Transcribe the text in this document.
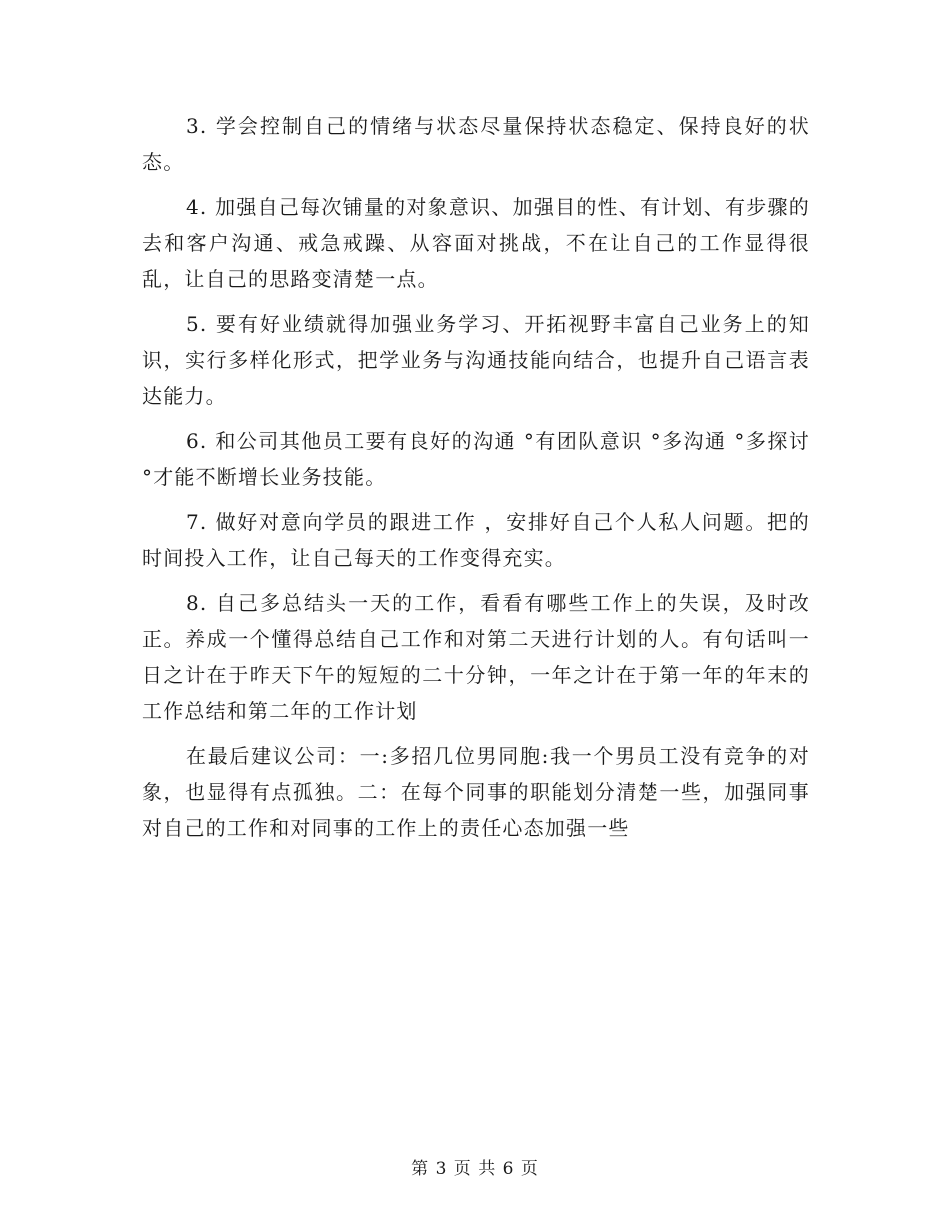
3. 学会控制自己的情绪与状态尽量保持状态稳定、保持良好的状态。

4. 加强自己每次铺量的对象意识、加强目的性、有计划、有步骤的去和客户沟通、戒急戒躁、从容面对挑战，不在让自己的工作显得很乱，让自己的思路变清楚一点。

5. 要有好业绩就得加强业务学习、开拓视野丰富自己业务上的知识，实行多样化形式，把学业务与沟通技能向结合，也提升自己语言表达能力。

6. 和公司其他员工要有良好的沟通 °有团队意识 °多沟通 °多探讨 °才能不断增长业务技能。

7. 做好对意向学员的跟进工作 ，安排好自己个人私人问题。把的时间投入工作，让自己每天的工作变得充实。

8. 自己多总结头一天的工作，看看有哪些工作上的失误，及时改正。养成一个懂得总结自己工作和对第二天进行计划的人。有句话叫一日之计在于昨天下午的短短的二十分钟，一年之计在于第一年的年末的工作总结和第二年的工作计划

在最后建议公司：一:多招几位男同胞:我一个男员工没有竞争的对象，也显得有点孤独。二：在每个同事的职能划分清楚一些，加强同事对自己的工作和对同事的工作上的责任心态加强一些

第 3 页 共 6 页
